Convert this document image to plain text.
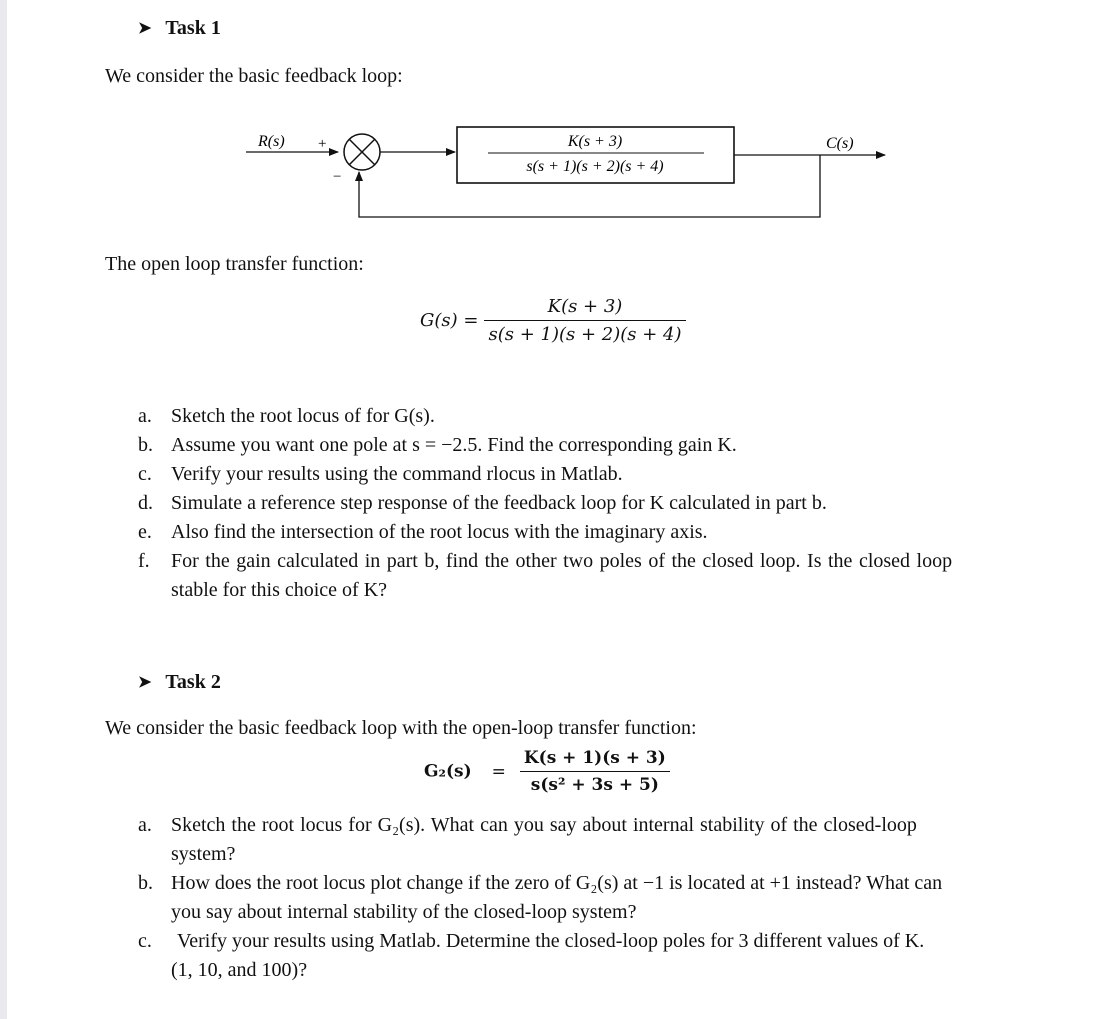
➤ Task 1
We consider the basic feedback loop:
R(s) +
−
K(s + 3)
s(s + 1)(s + 2)(s + 4)
C(s)
The open loop transfer function:
$G(s) = \frac{K(s + 3)}{s(s + 1)(s + 2)(s + 4)}$
a. Sketch the root locus of for G(s).
b. Assume you want one pole at s = −2.5. Find the corresponding gain K.
c. Verify your results using the command rlocus in Matlab.
d. Simulate a reference step response of the feedback loop for K calculated in part b.
e. Also find the intersection of the root locus with the imaginary axis.
f. For the gain calculated in part b, find the other two poles of the closed loop. Is the closed loop
stable for this choice of K?
➤ Task 2
We consider the basic feedback loop with the open-loop transfer function:
$G_2(s) = \frac{K(s + 1)(s + 3)}{\text{s(s² + 3s + 5)}}$
a. Sketch the root locus for G₂(s). What can you say about internal stability of the closed-loop
system?
b. How does the root locus plot change if the zero of G₂(s) at −1 is located at +1 instead? What can
you say about internal stability of the closed-loop system?
c. Verify your results using Matlab. Determine the closed-loop poles for 3 different values of K.
(1, 10, and 100)?
